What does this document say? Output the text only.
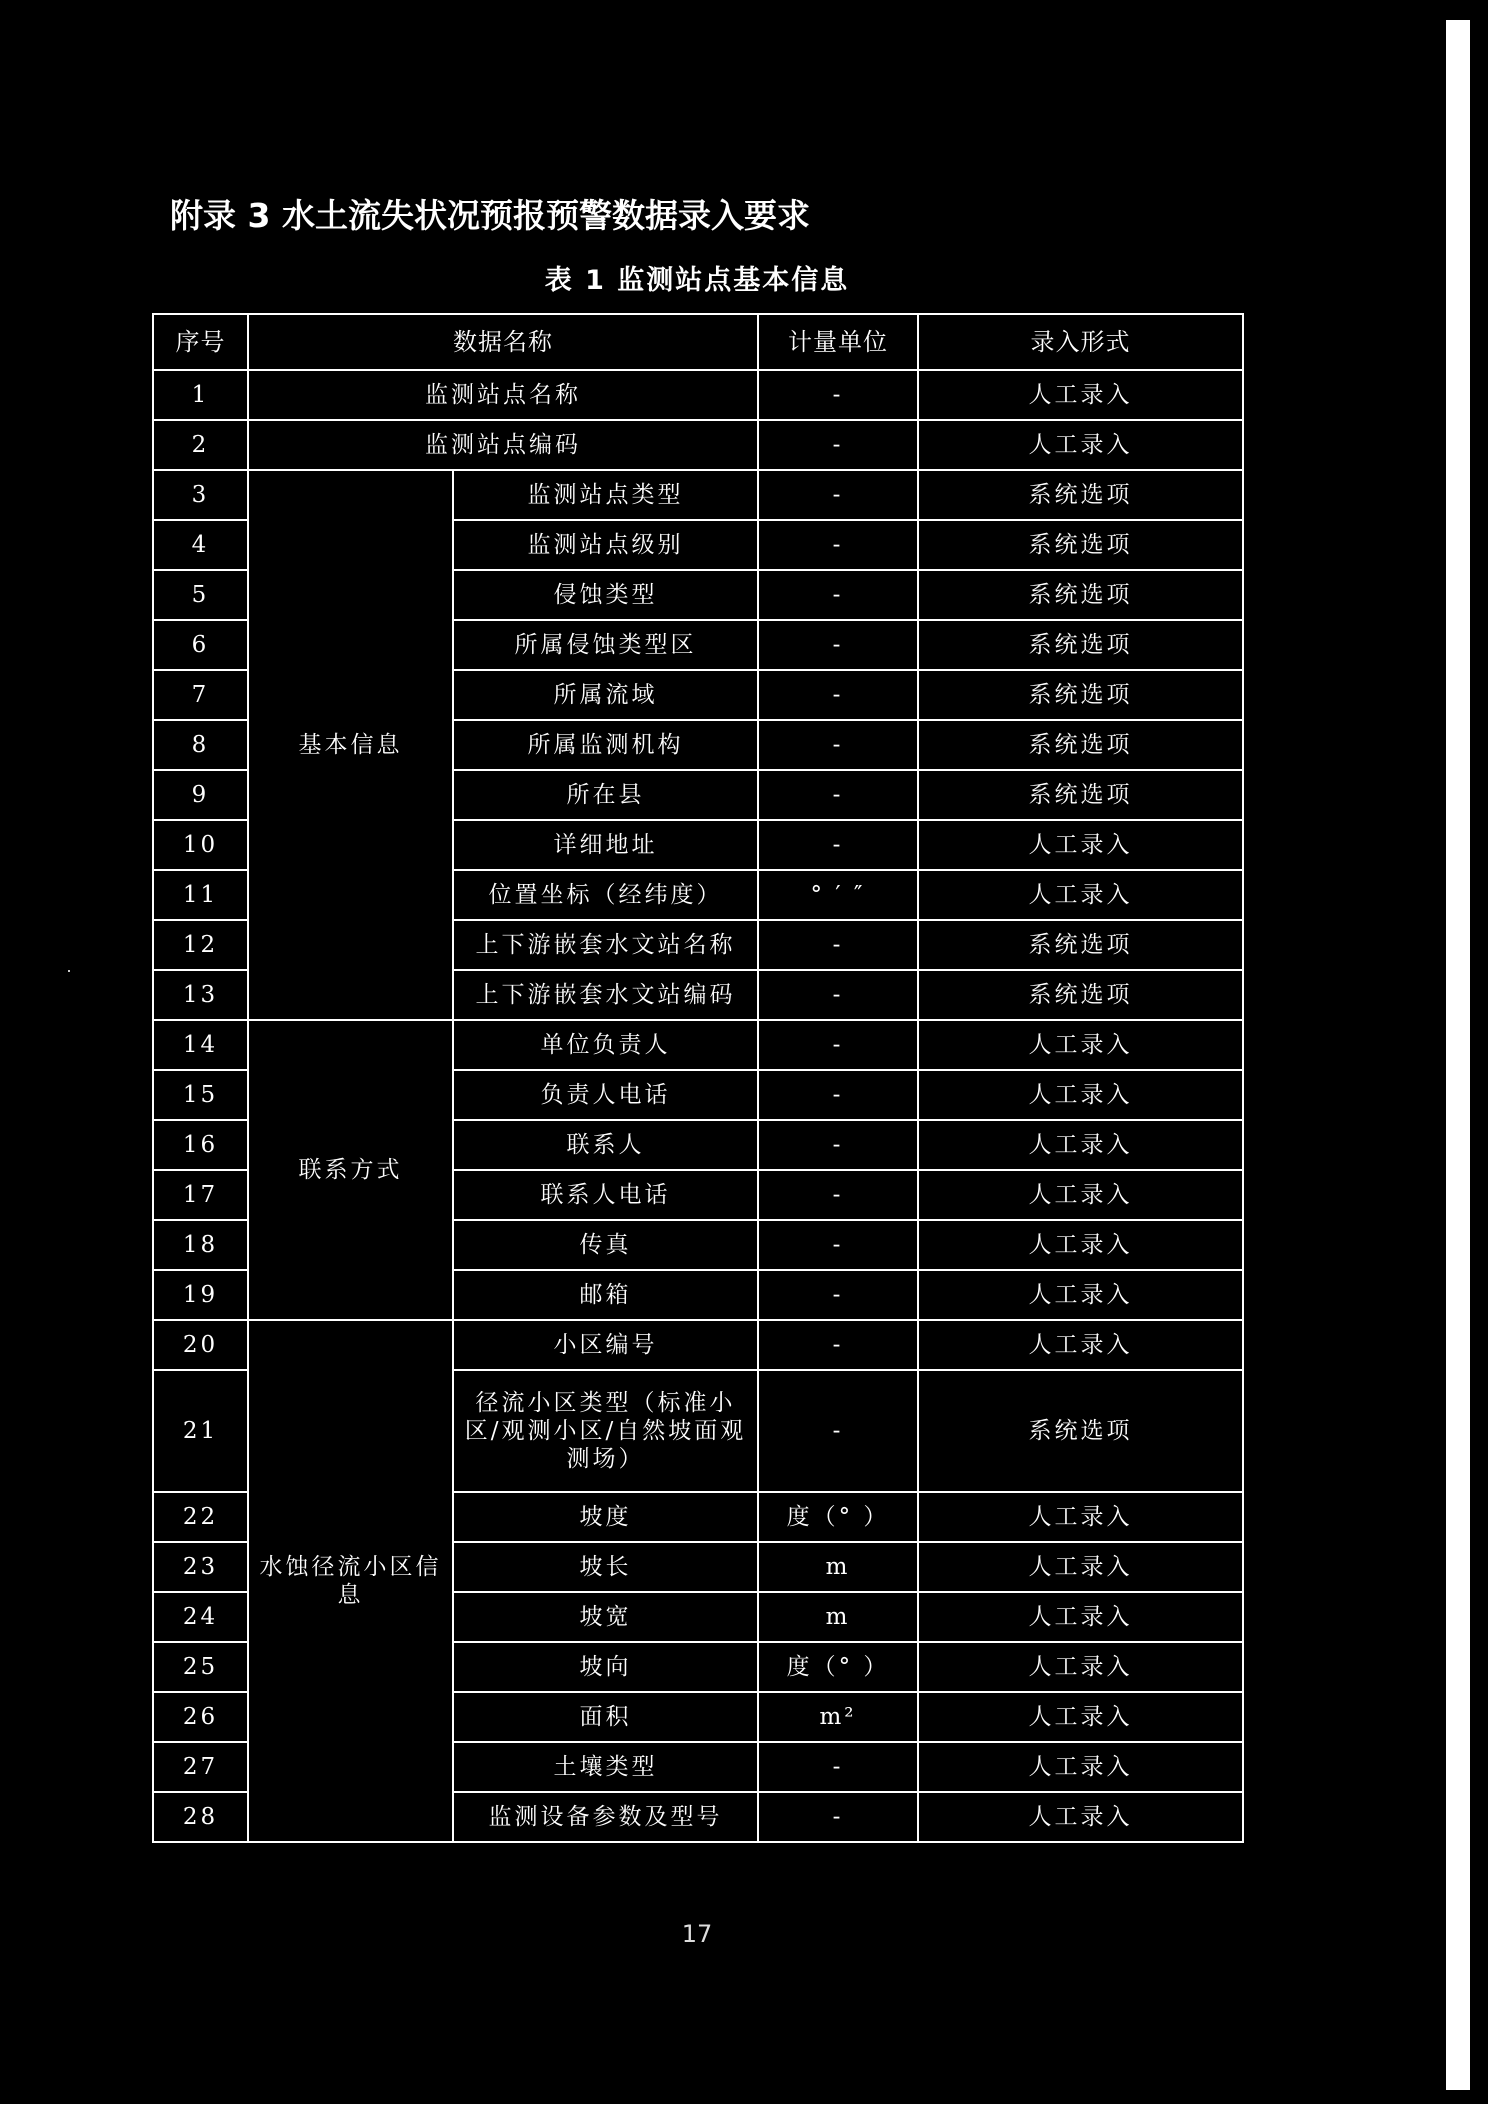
附录 3 水土流失状况预报预警数据录入要求
表 1 监测站点基本信息
序号	数据名称		计量单位	录入形式
1	监测站点名称		-	人工录入
2	监测站点编码		-	人工录入
3	基本信息	监测站点类型	-	系统选项
4		监测站点级别	-	系统选项
5		侵蚀类型	-	系统选项
6		所属侵蚀类型区	-	系统选项
7		所属流域	-	系统选项
8		所属监测机构	-	系统选项
9		所在县	-	系统选项
10		详细地址	-	人工录入
11		位置坐标（经纬度）	° ′ ″	人工录入
12		上下游嵌套水文站名称	-	系统选项
13		上下游嵌套水文站编码	-	系统选项
14	联系方式	单位负责人	-	人工录入
15		负责人电话	-	人工录入
16		联系人	-	人工录入
17		联系人电话	-	人工录入
18		传真	-	人工录入
19		邮箱	-	人工录入
20	水蚀径流小区信息	小区编号	-	人工录入
21		径流小区类型（标准小区/观测小区/自然坡面观测场）	-	系统选项
22		坡度	度（° ）	人工录入
23		坡长	m	人工录入
24		坡宽	m	人工录入
25		坡向	度（° ）	人工录入
26		面积	m²	人工录入
27		土壤类型	-	人工录入
28		监测设备参数及型号	-	人工录入
17
